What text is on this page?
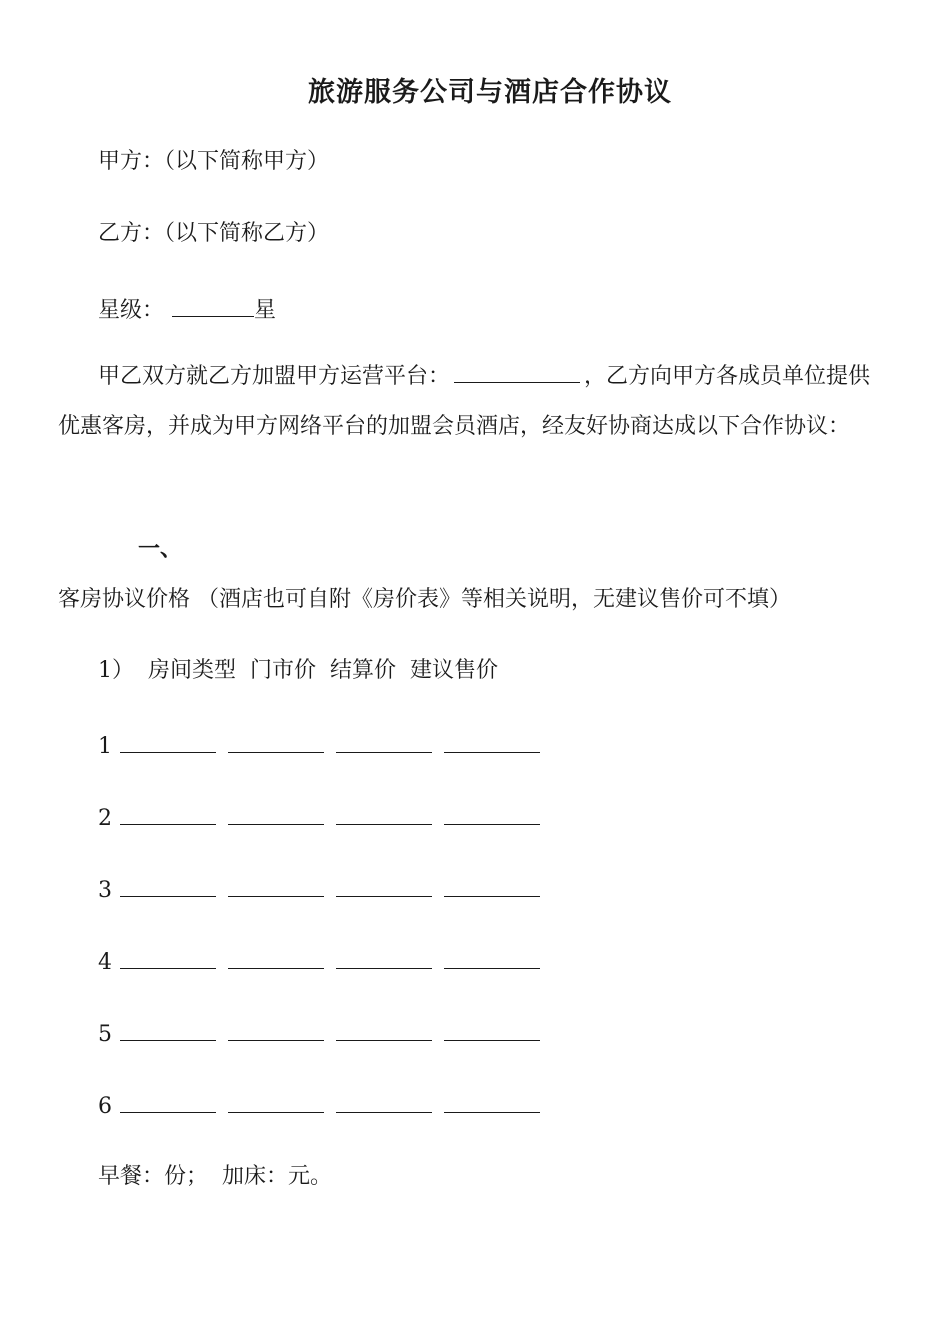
旅游服务公司与酒店合作协议
甲方：（以下简称甲方）
乙方：（以下简称乙方）
星级：	星
甲乙双方就乙方加盟甲方运营平台：	，乙方向甲方各成员单位提供优惠客房，并成为甲方网络平台的加盟会员酒店，经友好协商达成以下合作协议：
一、客房协议价格 （酒店也可自附《房价表》等相关说明，无建议售价可不填）
1） 房间类型 门市价 结算价 建议售价
1
2
3
4
5
6
早餐：份； 加床：元。
